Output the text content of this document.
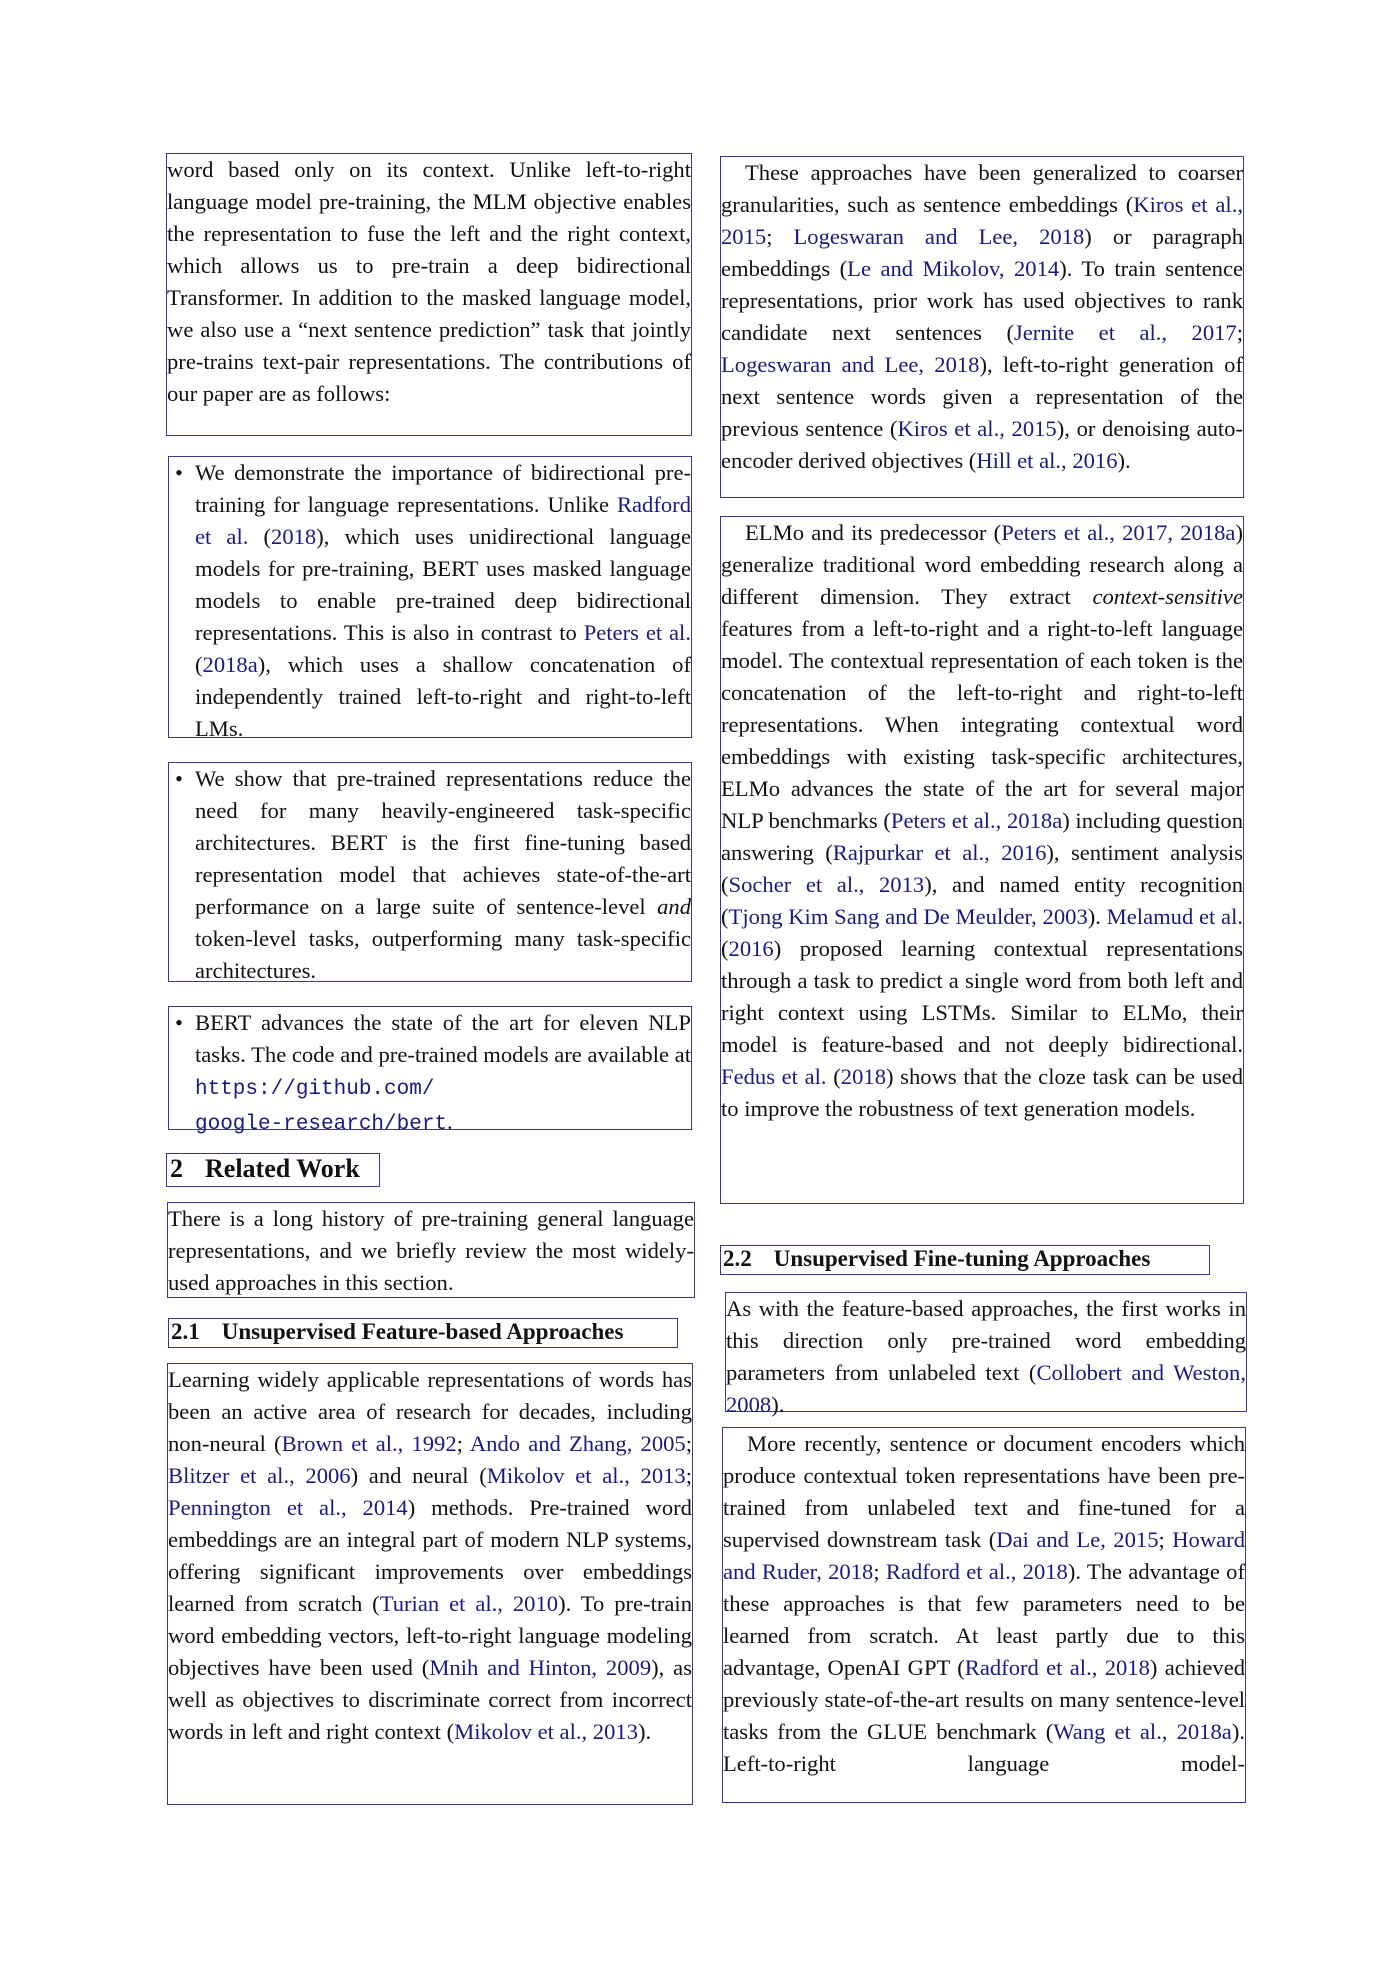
word based only on its context. Unlike left-to-right language model pre-training, the MLM objective enables the representation to fuse the left and the right context, which allows us to pre-train a deep bidirectional Transformer. In addition to the masked language model, we also use a “next sentence prediction” task that jointly pre-trains text-pair representations. The contributions of our paper are as follows:

• We demonstrate the importance of bidirectional pre-training for language representations. Unlike Radford et al. (2018), which uses unidirectional language models for pre-training, BERT uses masked language models to enable pre-trained deep bidirectional representations. This is also in contrast to Peters et al. (2018a), which uses a shallow concatenation of independently trained left-to-right and right-to-left LMs.

• We show that pre-trained representations reduce the need for many heavily-engineered task-specific architectures. BERT is the first fine-tuning based representation model that achieves state-of-the-art performance on a large suite of sentence-level and token-level tasks, outperforming many task-specific architectures.

• BERT advances the state of the art for eleven NLP tasks. The code and pre-trained models are available at https://github.com/
google-research/bert.

2 Related Work

There is a long history of pre-training general language representations, and we briefly review the most widely-used approaches in this section.

2.1 Unsupervised Feature-based Approaches

Learning widely applicable representations of words has been an active area of research for decades, including non-neural (Brown et al., 1992; Ando and Zhang, 2005; Blitzer et al., 2006) and neural (Mikolov et al., 2013; Pennington et al., 2014) methods. Pre-trained word embeddings are an integral part of modern NLP systems, offering significant improvements over embeddings learned from scratch (Turian et al., 2010). To pre-train word embedding vectors, left-to-right language modeling objectives have been used (Mnih and Hinton, 2009), as well as objectives to discriminate correct from incorrect words in left and right context (Mikolov et al., 2013).

These approaches have been generalized to coarser granularities, such as sentence embeddings (Kiros et al., 2015; Logeswaran and Lee, 2018) or paragraph embeddings (Le and Mikolov, 2014). To train sentence representations, prior work has used objectives to rank candidate next sentences (Jernite et al., 2017; Logeswaran and Lee, 2018), left-to-right generation of next sentence words given a representation of the previous sentence (Kiros et al., 2015), or denoising auto-encoder derived objectives (Hill et al., 2016).

ELMo and its predecessor (Peters et al., 2017, 2018a) generalize traditional word embedding research along a different dimension. They extract context-sensitive features from a left-to-right and a right-to-left language model. The contextual representation of each token is the concatenation of the left-to-right and right-to-left representations. When integrating contextual word embeddings with existing task-specific architectures, ELMo advances the state of the art for several major NLP benchmarks (Peters et al., 2018a) including question answering (Rajpurkar et al., 2016), sentiment analysis (Socher et al., 2013), and named entity recognition (Tjong Kim Sang and De Meulder, 2003). Melamud et al. (2016) proposed learning contextual representations through a task to predict a single word from both left and right context using LSTMs. Similar to ELMo, their model is feature-based and not deeply bidirectional. Fedus et al. (2018) shows that the cloze task can be used to improve the robustness of text generation models.

2.2 Unsupervised Fine-tuning Approaches

As with the feature-based approaches, the first works in this direction only pre-trained word embedding parameters from unlabeled text (Collobert and Weston, 2008).

More recently, sentence or document encoders which produce contextual token representations have been pre-trained from unlabeled text and fine-tuned for a supervised downstream task (Dai and Le, 2015; Howard and Ruder, 2018; Radford et al., 2018). The advantage of these approaches is that few parameters need to be learned from scratch. At least partly due to this advantage, OpenAI GPT (Radford et al., 2018) achieved previously state-of-the-art results on many sentence-level tasks from the GLUE benchmark (Wang et al., 2018a). Left-to-right language model-
